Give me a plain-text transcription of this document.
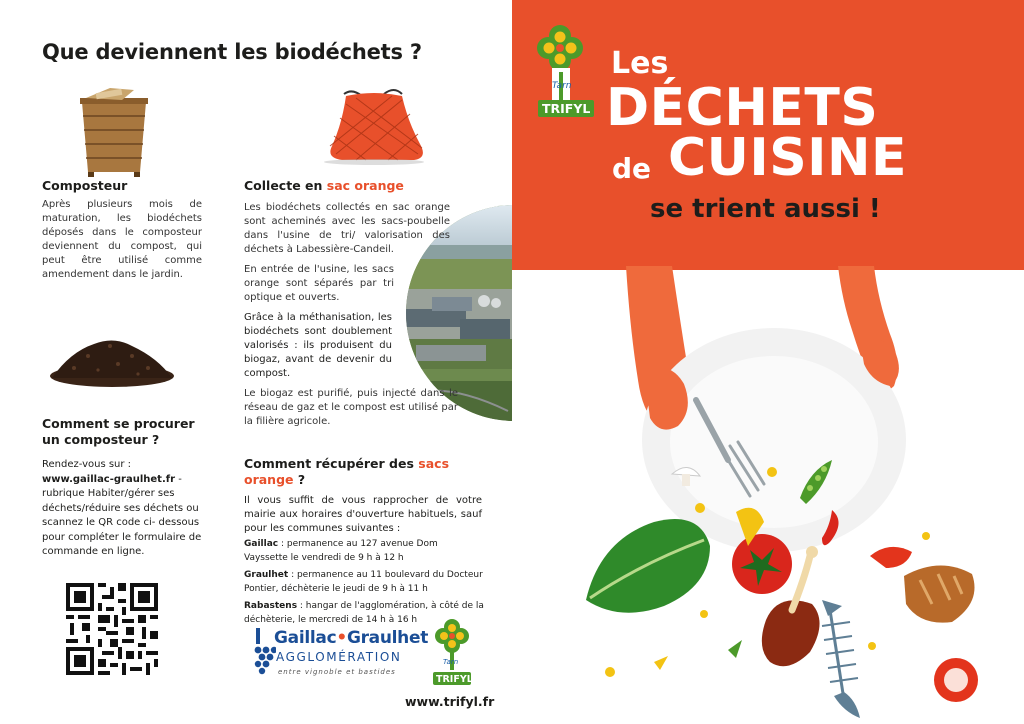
Que deviennent les biodéchets ?
Composteur
Après plusieurs mois de maturation, les biodéchets déposés dans le composteur deviennent du compost, qui peut être utilisé comme amendement dans le jardin.
Comment se procurer
un composteur ?
Rendez-vous sur :
www.gaillac-graulhet.fr -
rubrique Habiter/gérer ses déchets/réduire ses déchets ou scannez le QR code ci- dessous pour compléter le formulaire de commande en ligne.
Collecte en sac orange
Les biodéchets collectés en sac orange sont acheminés avec les sacs-poubelle dans l'usine de tri/ valorisation des déchets à Labessière-Candeil.
En entrée de l'usine, les sacs orange sont séparés par tri optique et ouverts.
Grâce à la méthanisation, les biodéchets sont doublement valorisés : ils produisent du biogaz, avant de devenir du compost.
Le biogaz est purifié, puis injecté dans le réseau de gaz et le compost est utilisé par la filière agricole.
Comment récupérer des sacs orange ?
Il vous suffit de vous rapprocher de votre mairie aux horaires d'ouverture habituels, sauf pour les communes suivantes :
Gaillac : permanence au 127 avenue Dom Vayssette le vendredi de 9 h à 12 h
Graulhet : permanence au 11 boulevard du Docteur Pontier, déchèterie le jeudi de 9 h à 11 h
Rabastens : hangar de l'agglomération, à côté de la déchèterie, le mercredi de 14 h à 16 h
Gaillac•Graulhet
AGGLOMÉRATION
entre vignoble et bastides
Tarn
TRIFYL
www.trifyl.fr
Tarn
TRIFYL
Les
DÉCHETS
de CUISINE
se trient aussi !
